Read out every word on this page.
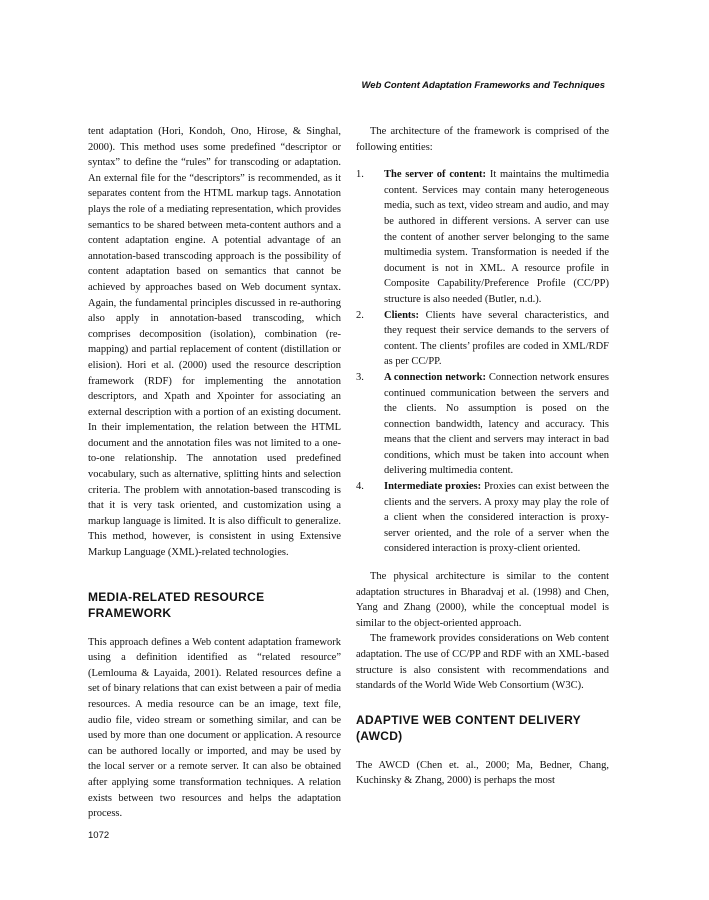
Web Content Adaptation Frameworks and Techniques

tent adaptation (Hori, Kondoh, Ono, Hirose, & Singhal, 2000). This method uses some predefined “descriptor or syntax” to define the “rules” for transcoding or adaptation. An external file for the “descriptors” is recommended, as it separates content from the HTML markup tags. Annotation plays the role of a mediating representation, which provides semantics to be shared between meta-content authors and a content adaptation engine. A potential advantage of an annotation-based transcoding approach is the possibility of content adaptation based on semantics that cannot be achieved by approaches based on Web document syntax. Again, the fundamental principles discussed in re-authoring also apply in annotation-based transcoding, which comprises decomposition (isolation), combination (re-mapping) and partial replacement of content (distillation or elision). Hori et al. (2000) used the resource description framework (RDF) for implementing the annotation descriptors, and Xpath and Xpointer for associating an external description with a portion of an existing document. In their implementation, the relation between the HTML document and the annotation files was not limited to a one-to-one relationship. The annotation used predefined vocabulary, such as alternative, splitting hints and selection criteria. The problem with annotation-based transcoding is that it is very task oriented, and customization using a markup language is limited. It is also difficult to generalize. This method, however, is consistent in using Extensive Markup Language (XML)-related technologies.

MEDIA-RELATED RESOURCE FRAMEWORK

This approach defines a Web content adaptation framework using a definition identified as “related resource” (Lemlouma & Layaida, 2001). Related resources define a set of binary relations that can exist between a pair of media resources. A media resource can be an image, text file, audio file, video stream or something similar, and can be used by more than one document or application. A resource can be authored locally or imported, and may be used by the local server or a remote server. It can also be obtained after applying some transformation techniques. A relation exists between two resources and helps the adaptation process.

The architecture of the framework is comprised of the following entities:

1. The server of content: It maintains the multimedia content. Services may contain many heterogeneous media, such as text, video stream and audio, and may be authored in different versions. A server can use the content of another server belonging to the same multimedia system. Transformation is needed if the document is not in XML. A resource profile in Composite Capability/Preference Profile (CC/PP) structure is also needed (Butler, n.d.).
2. Clients: Clients have several characteristics, and they request their service demands to the servers of content. The clients’ profiles are coded in XML/RDF as per CC/PP.
3. A connection network: Connection network ensures continued communication between the servers and the clients. No assumption is posed on the connection bandwidth, latency and accuracy. This means that the client and servers may interact in bad conditions, which must be taken into account when delivering multimedia content.
4. Intermediate proxies: Proxies can exist between the clients and the servers. A proxy may play the role of a client when the considered interaction is proxy-server oriented, and the role of a server when the considered interaction is proxy-client oriented.

The physical architecture is similar to the content adaptation structures in Bharadvaj et al. (1998) and Chen, Yang and Zhang (2000), while the conceptual model is similar to the object-oriented approach.

The framework provides considerations on Web content adaptation. The use of CC/PP and RDF with an XML-based structure is also consistent with recommendations and standards of the World Wide Web Consortium (W3C).

ADAPTIVE WEB CONTENT DELIVERY (AWCD)

The AWCD (Chen et. al., 2000; Ma, Bedner, Chang, Kuchinsky & Zhang, 2000) is perhaps the most

1072
